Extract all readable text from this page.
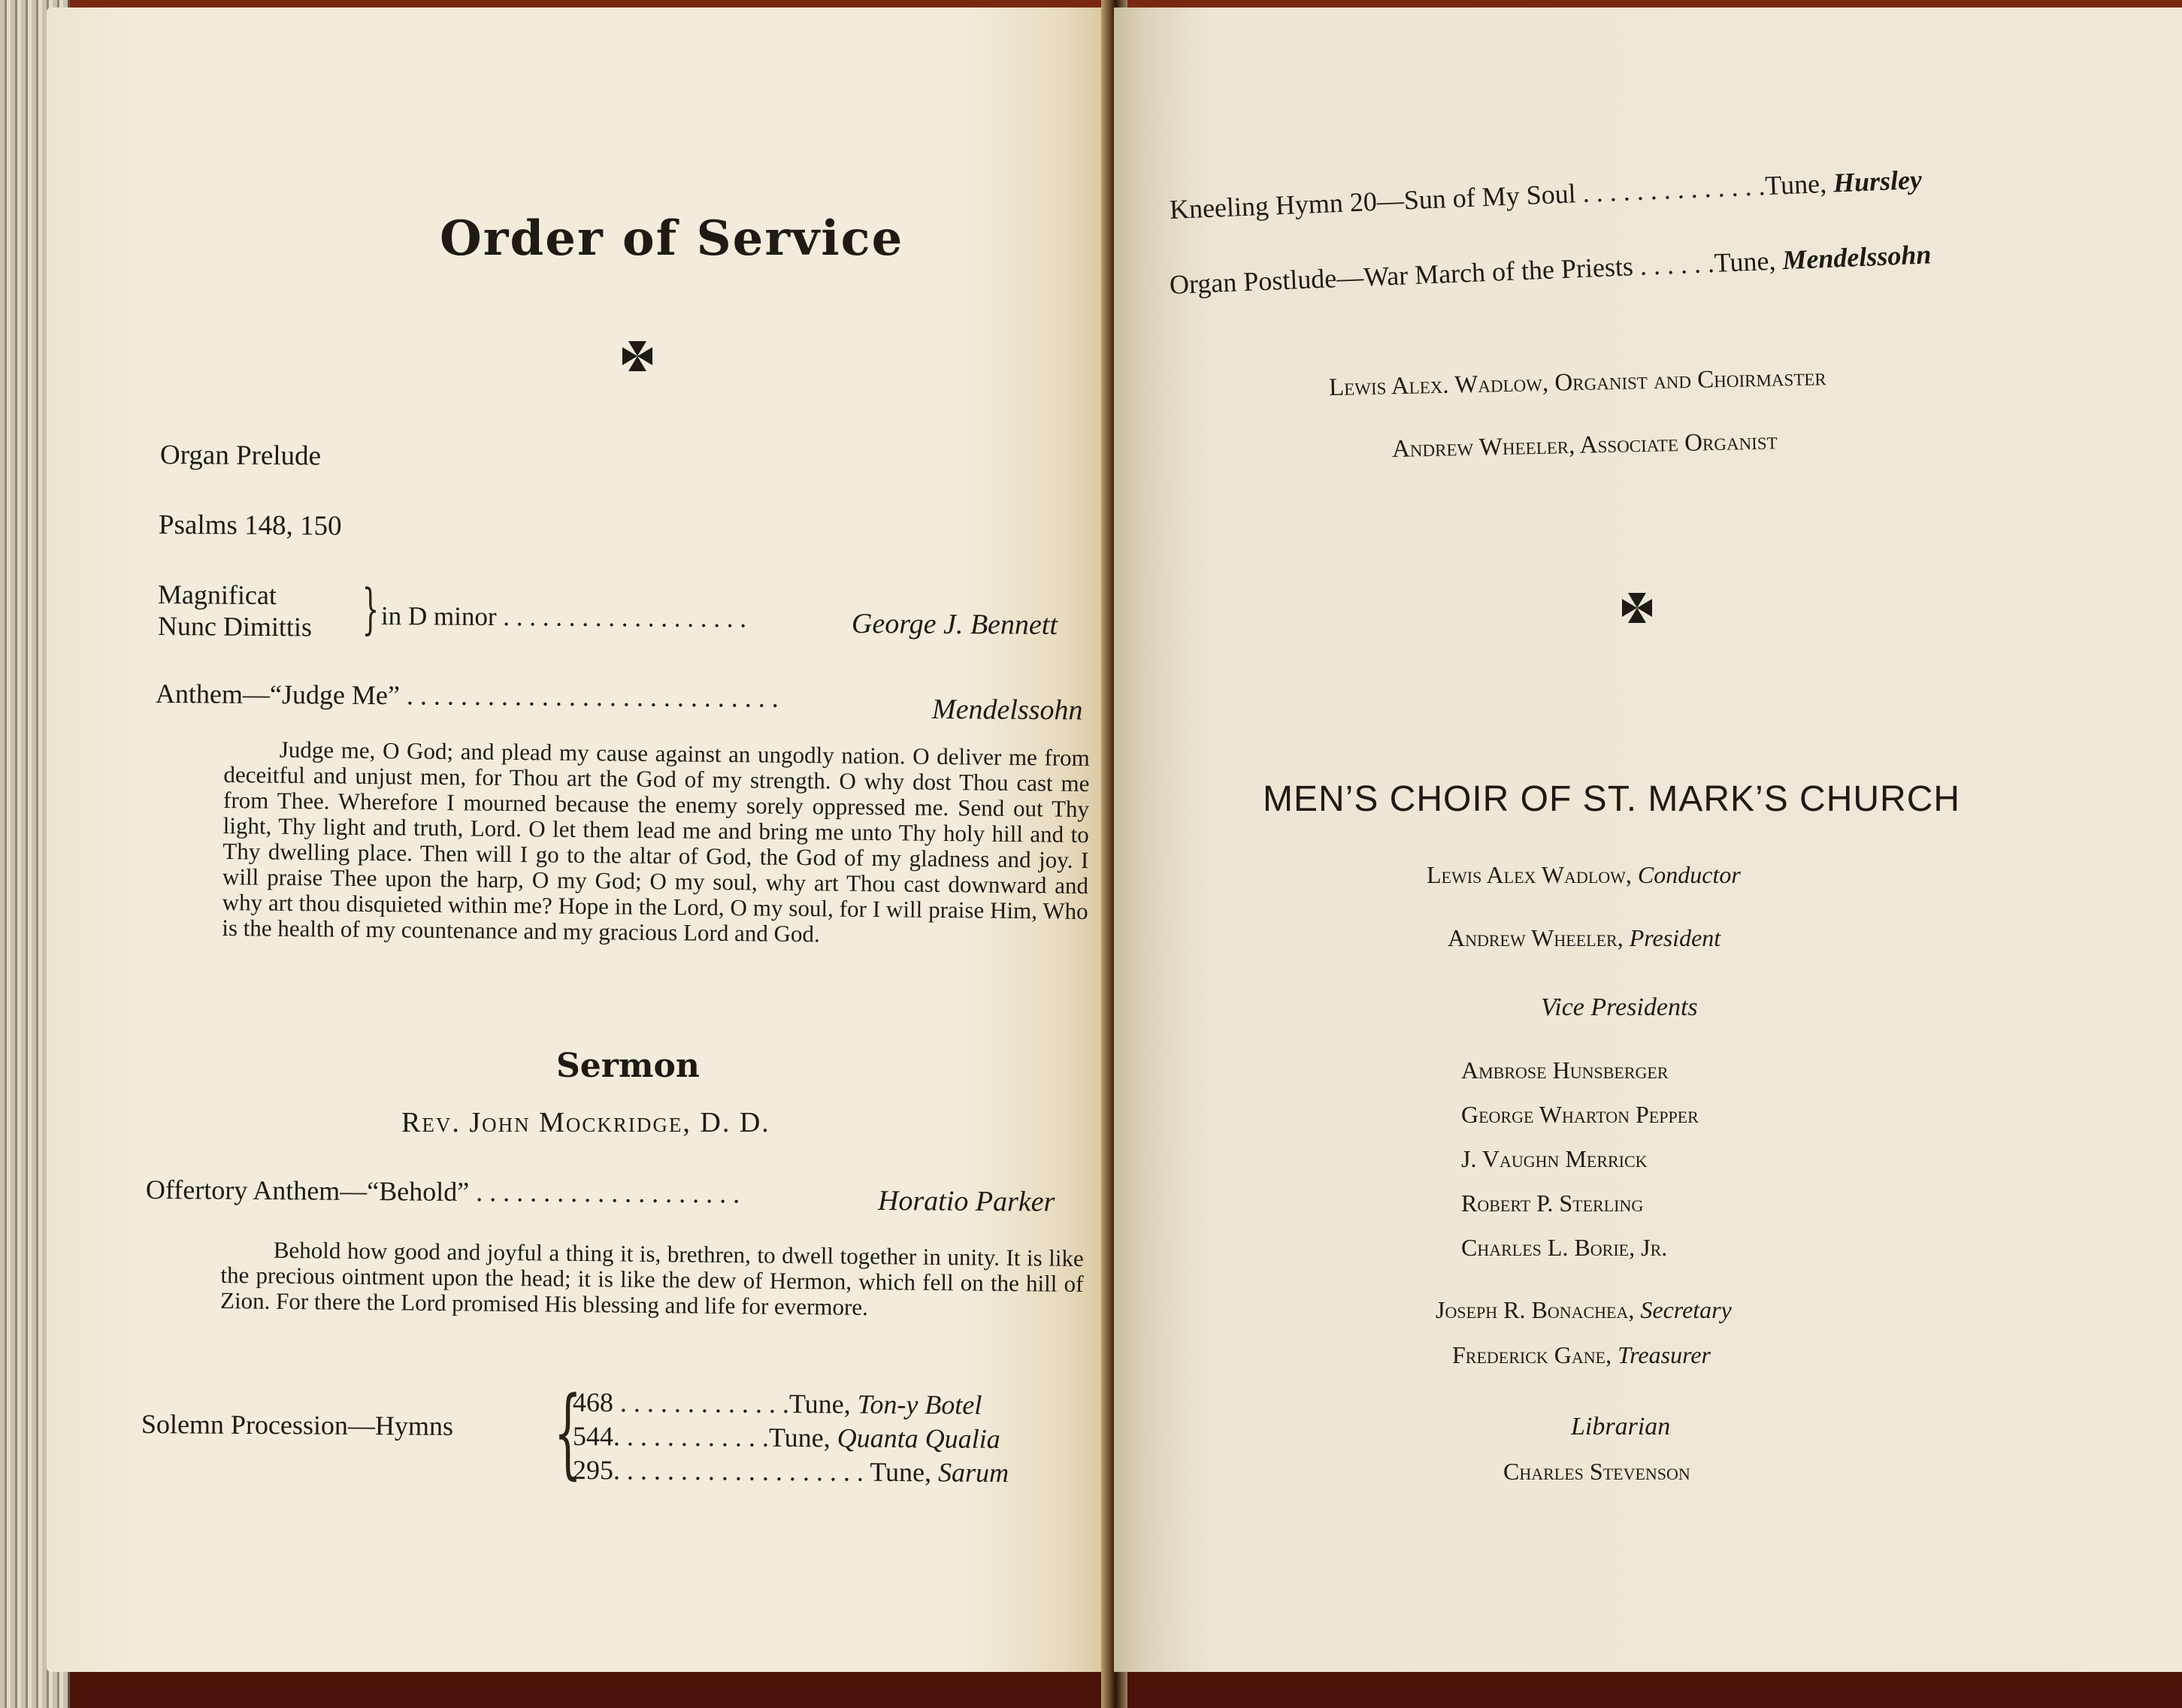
Order of Service
Organ Prelude
Psalms 148, 150
Magnificat
Nunc Dimittis } in D minor . . . . . . . . . . . . . . . . . . .	George J. Bennett
Anthem—“Judge Me” . . . . . . . . . . . . . . . . . . . . . . . . . . . .	Mendelssohn
Judge me, O God; and plead my cause against an ungodly nation. O deliver me from deceitful and unjust men, for Thou art the God of my strength. O why dost Thou cast me from Thee. Wherefore I mourned because the enemy sorely oppressed me. Send out Thy light, Thy light and truth, Lord. O let them lead me and bring me unto Thy holy hill and to Thy dwelling place. Then will I go to the altar of God, the God of my gladness and joy. I will praise Thee upon the harp, O my God; O my soul, why art Thou cast downward and why art thou disquieted within me? Hope in the Lord, O my soul, for I will praise Him, Who is the health of my countenance and my gracious Lord and God.
Sermon
Rev. John Mockridge, D. D.
Offertory Anthem—“Behold” . . . . . . . . . . . . . . . . . . . .	Horatio Parker
Behold how good and joyful a thing it is, brethren, to dwell together in unity. It is like the precious ointment upon the head; it is like the dew of Hermon, which fell on the hill of Zion. For there the Lord promised His blessing and life for evermore.
Solemn Procession—Hymns {
468 . . . . . . . . . . . . .Tune, Ton-y Botel
544. . . . . . . . . . . .Tune, Quanta Qualia
295. . . . . . . . . . . . . . . . . . . Tune, Sarum
Kneeling Hymn 20—Sun of My Soul . . . . . . . . . . . . . .Tune, Hursley
Organ Postlude—War March of the Priests . . . . . .Tune, Mendelssohn
Lewis Alex. Wadlow, Organist and Choirmaster
Andrew Wheeler, Associate Organist
MEN’S CHOIR OF ST. MARK’S CHURCH
Lewis Alex Wadlow, Conductor
Andrew Wheeler, President
Vice Presidents
Ambrose Hunsberger
George Wharton Pepper
J. Vaughn Merrick
Robert P. Sterling
Charles L. Borie, Jr.
Joseph R. Bonachea, Secretary
Frederick Gane, Treasurer
Librarian
Charles Stevenson
